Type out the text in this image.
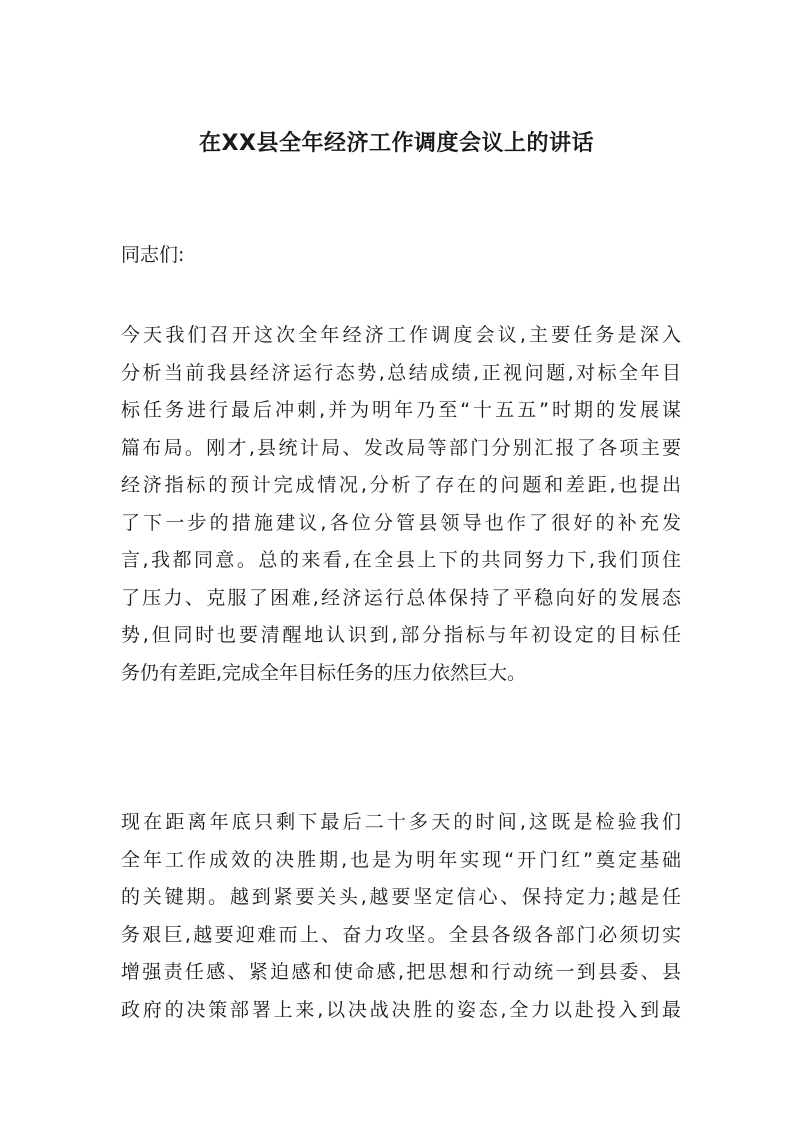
在XX县全年经济工作调度会议上的讲话

同志们:

今天我们召开这次全年经济工作调度会议,主要任务是深入
分析当前我县经济运行态势,总结成绩,正视问题,对标全年目
标任务进行最后冲刺,并为明年乃至“十五五”时期的发展谋
篇布局。刚才,县统计局、发改局等部门分别汇报了各项主要
经济指标的预计完成情况,分析了存在的问题和差距,也提出
了下一步的措施建议,各位分管县领导也作了很好的补充发
言,我都同意。总的来看,在全县上下的共同努力下,我们顶住
了压力、克服了困难,经济运行总体保持了平稳向好的发展态
势,但同时也要清醒地认识到,部分指标与年初设定的目标任
务仍有差距,完成全年目标任务的压力依然巨大。

现在距离年底只剩下最后二十多天的时间,这既是检验我们
全年工作成效的决胜期,也是为明年实现“开门红”奠定基础
的关键期。越到紧要关头,越要坚定信心、保持定力;越是任
务艰巨,越要迎难而上、奋力攻坚。全县各级各部门必须切实
增强责任感、紧迫感和使命感,把思想和行动统一到县委、县
政府的决策部署上来,以决战决胜的姿态,全力以赴投入到最
